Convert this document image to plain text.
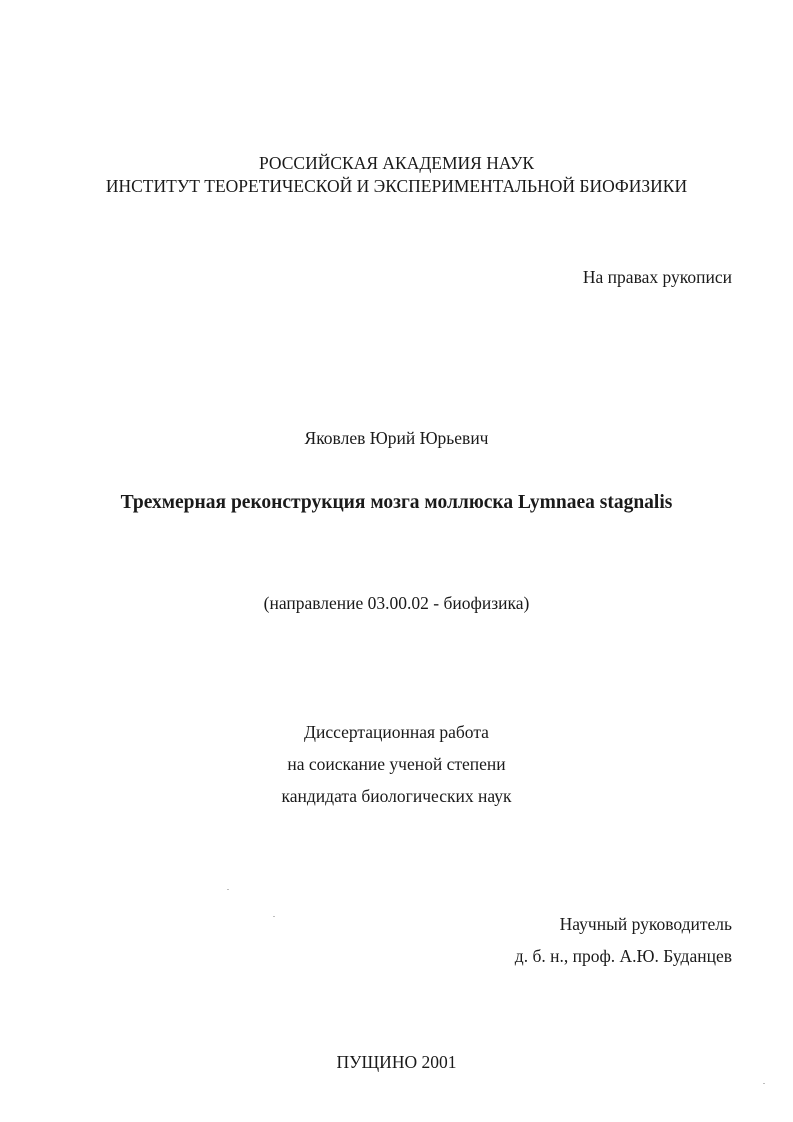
РОССИЙСКАЯ АКАДЕМИЯ НАУК
ИНСТИТУТ ТЕОРЕТИЧЕСКОЙ И ЭКСПЕРИМЕНТАЛЬНОЙ БИОФИЗИКИ
На правах рукописи
Яковлев Юрий Юрьевич
Трехмерная реконструкция мозга моллюска Lymnaea stagnalis
(направление 03.00.02 - биофизика)
Диссертационная работа
на соискание ученой степени
кандидата биологических наук
Научный руководитель
д. б. н., проф. А.Ю. Буданцев
ПУЩИНО 2001
